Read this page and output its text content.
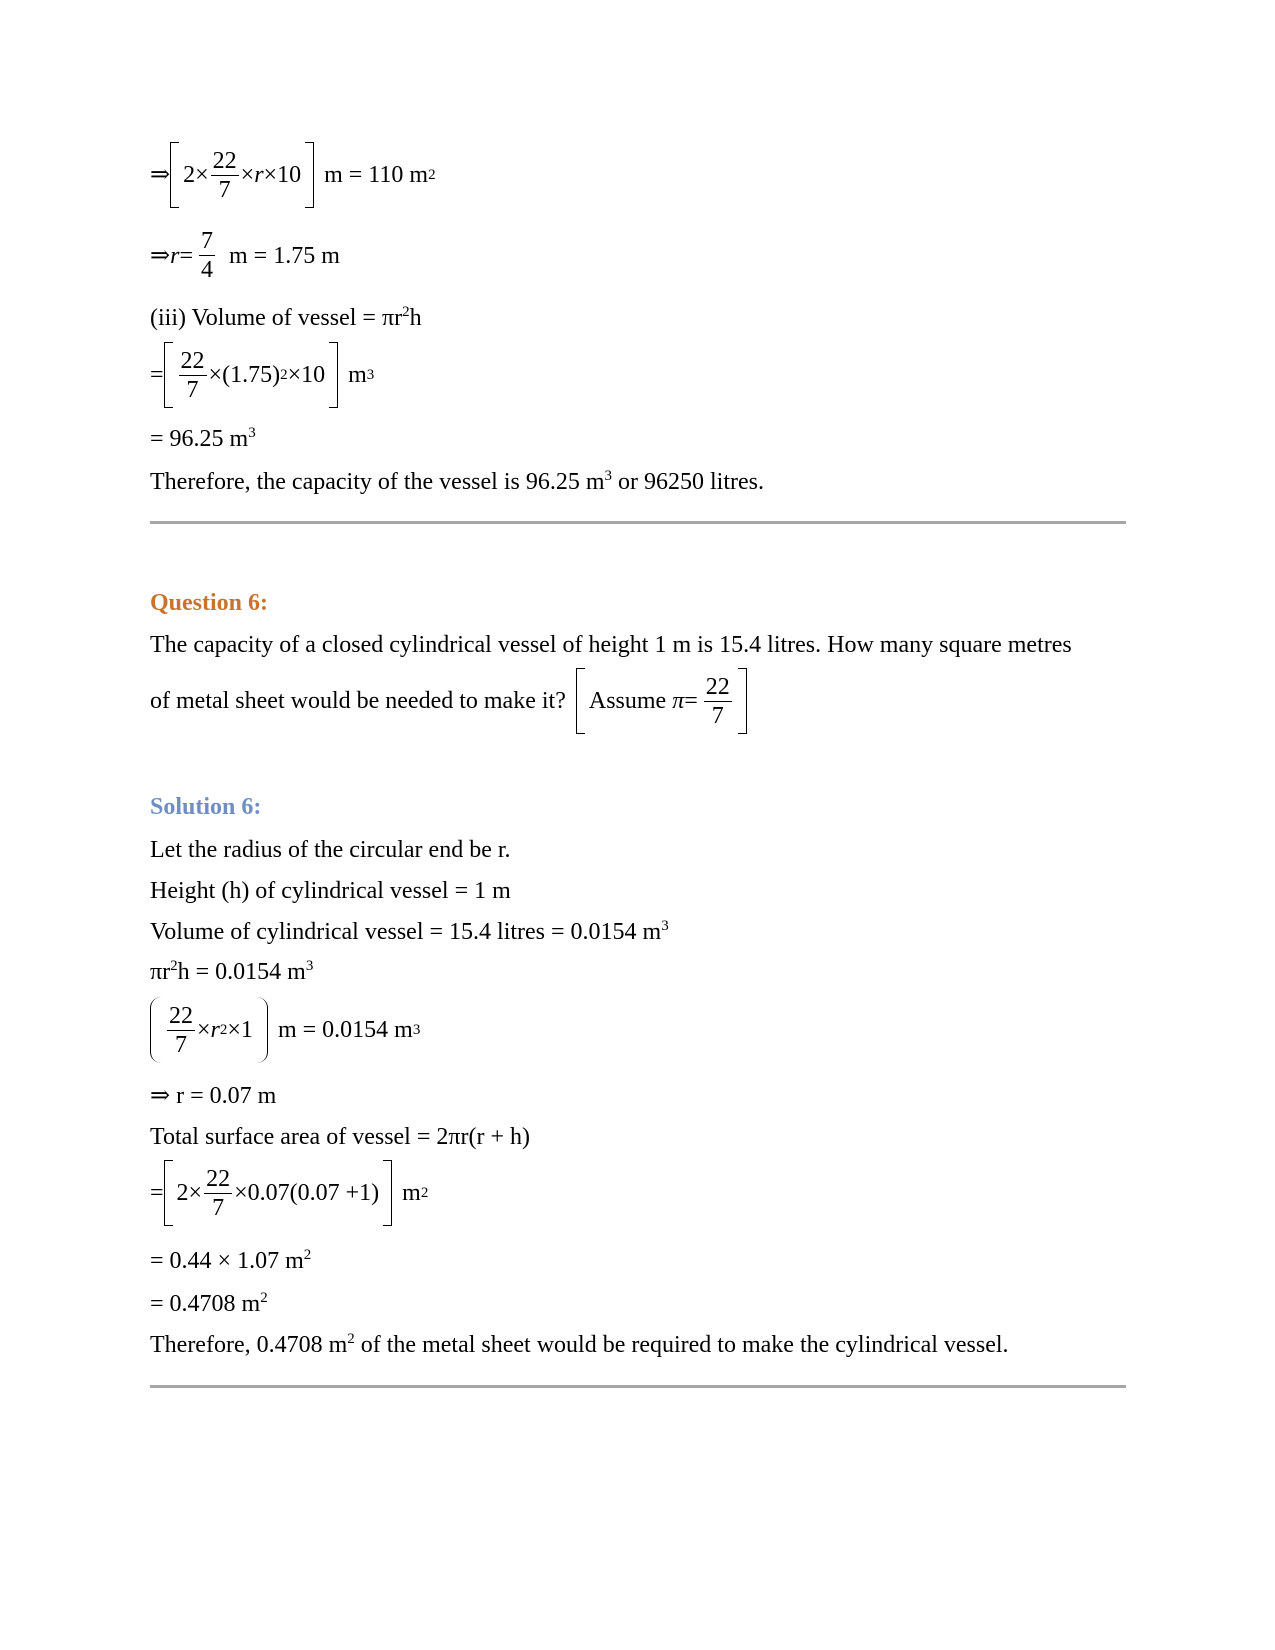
⇒ $2\times \frac{22}{7} \times r \times 10$ m = 110 m 2
⇒ $r = \frac{7}{4}$ m = 1.75 m
(iii) Volume of vessel = $\pi r^2h$
= $\frac{22}{7} \times(1.75)$ 2 ×10 m 3
= 96.25 $m^3$
Therefore, the capacity of the vessel is 96.25 $m^3$ or 96250 litres.
Question 6:
The capacity of a closed cylindrical vessel of height 1 m is 15.4 litres. How many square metres
of metal sheet would be needed to make it? Assume $\pi = \frac{22}{7}$
Solution 6:
Let the radius of the circular end be r.
Height (h) of cylindrical vessel = 1 m
Volume of cylindrical vessel = 15.4 litres = 0.0154 $m^3$
$\pi r^2h = 0.0154$ $m^3$
$\frac{22}{7} \times r$ 2 ×1 m = 0.0154 m 3
⇒ r = 0.07 m
Total surface area of vessel = 2πr(r + h)
= $2\times \frac{22}{7} \times 0.07(0.07 +1)$ m 2
= 0.44 × 1.07 $m^2$
= 0.4708 $m^2$
Therefore, 0.4708 $m^2$ of the metal sheet would be required to make the cylindrical vessel.
